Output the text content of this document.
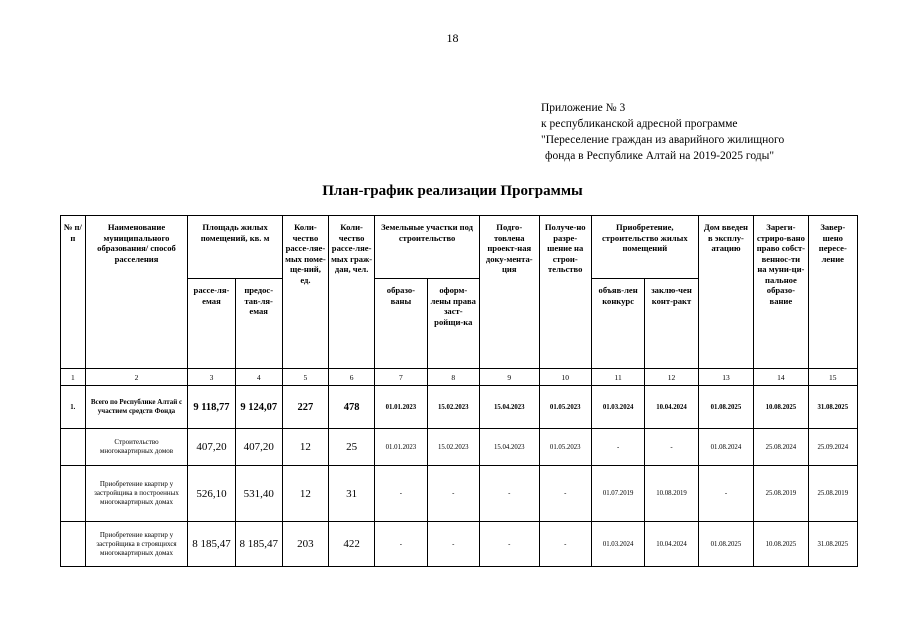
18
Приложение № 3
к республиканской адресной программе
"Переселение граждан из аварийного жилищного
фонда в Республике Алтай на 2019-2025 годы"
План-график реализации Программы
№ п/п	Наименование муниципального образования/ способ расселения	Площадь жилых помещений, кв. м		Коли-чество рассе-ляе-мых поме-ще-ний, ед.	Коли-чество рассе-ляе-мых граж-дан, чел.	Земельные участки под строительство		Подго-товлена проект-ная доку-мента-ция	Получе-но разре-шение на строи-тельство	Приобретение, строительство жилых помещений		Дом введен в эксплу-атацию	Зареги-стриро-вано право собст-веннос-ти на муни-ци-пальное образо-вание	Завер-шено пересе-ление
		рассе-ля-емая	предос-тав-ля-емая			образо-ваны	оформ-лены права заст-ройщи-ка			объяв-лен конкурс	заклю-чен конт-ракт			
1	2	3	4	5	6	7	8	9	10	11	12	13	14	15
1.	Всего по Республике Алтай с участием средств Фонда	9 118,77	9 124,07	227	478	01.01.2023	15.02.2023	15.04.2023	01.05.2023	01.03.2024	10.04.2024	01.08.2025	10.08.2025	31.08.2025
	Строительство многоквартирных домов	407,20	407,20	12	25	01.01.2023	15.02.2023	15.04.2023	01.05.2023	-	-	01.08.2024	25.08.2024	25.09.2024
	Приобретение квартир у застройщика в построенных многоквартирных домах	526,10	531,40	12	31	-	-	-	-	01.07.2019	10.08.2019	-	25.08.2019	25.08.2019
	Приобретение квартир у застройщика в строящихся многоквартирных домах	8 185,47	8 185,47	203	422	-	-	-	-	01.03.2024	10.04.2024	01.08.2025	10.08.2025	31.08.2025
